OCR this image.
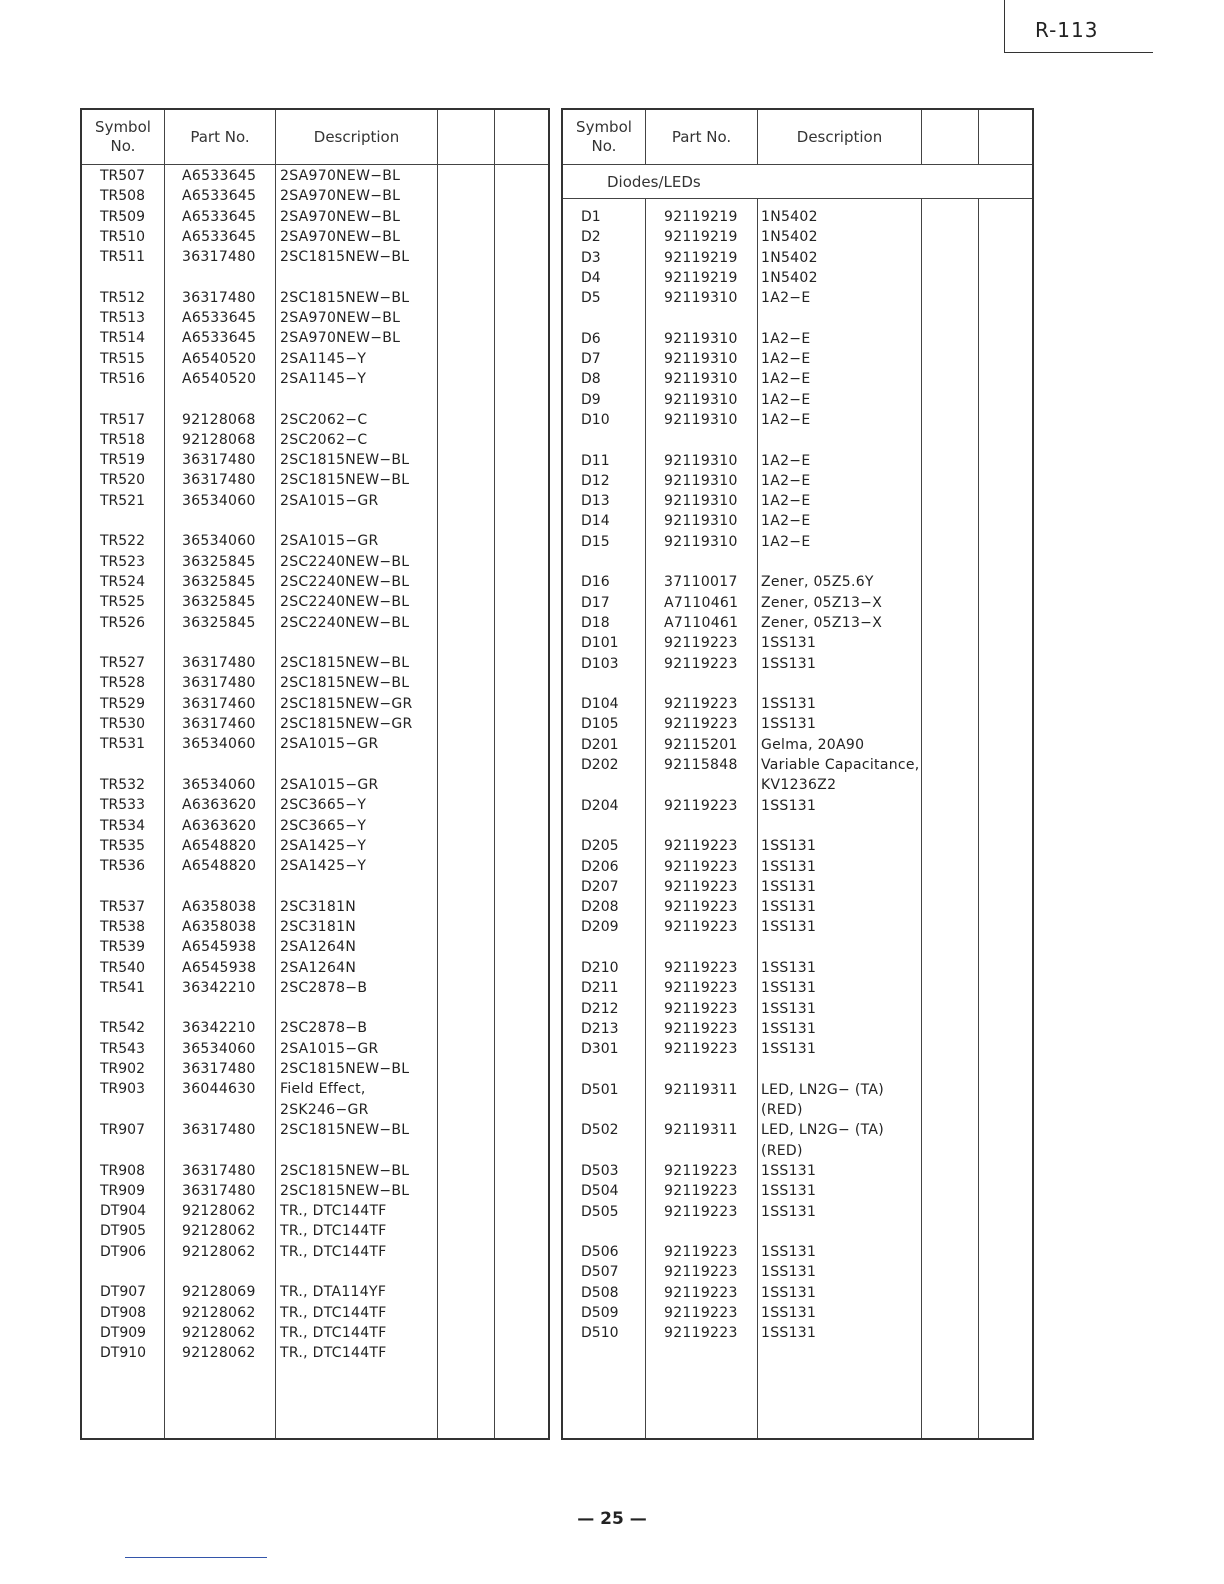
R-113
Symbol No.
Part No.	Description
TR507	A6533645 2SA970NEW−BL
TR508	A6533645 2SA970NEW−BL
TR509	A6533645 2SA970NEW−BL
TR510	A6533645 2SA970NEW−BL
TR511	36317480 2SC1815NEW−BL
TR512	36317480 2SC1815NEW−BL
TR513	A6533645 2SA970NEW−BL
TR514	A6533645 2SA970NEW−BL
TR515	A6540520 2SA1145−Y
TR516	A6540520 2SA1145−Y
TR517	92128068 2SC2062−C
TR518	92128068 2SC2062−C
TR519	36317480 2SC1815NEW−BL
TR520	36317480 2SC1815NEW−BL
TR521	36534060 2SA1015−GR
TR522	36534060 2SA1015−GR
TR523	36325845 2SC2240NEW−BL
TR524	36325845 2SC2240NEW−BL
TR525	36325845 2SC2240NEW−BL
TR526	36325845 2SC2240NEW−BL
TR527	36317480 2SC1815NEW−BL
TR528	36317480 2SC1815NEW−BL
TR529	36317460 2SC1815NEW−GR
TR530	36317460 2SC1815NEW−GR
TR531	36534060 2SA1015−GR
TR532	36534060 2SA1015−GR
TR533	A6363620 2SC3665−Y
TR534	A6363620 2SC3665−Y
TR535	A6548820 2SA1425−Y
TR536	A6548820 2SA1425−Y
TR537	A6358038 2SC3181N
TR538	A6358038 2SC3181N
TR539	A6545938 2SA1264N
TR540	A6545938 2SA1264N
TR541	36342210 2SC2878−B
TR542	36342210 2SC2878−B
TR543	36534060 2SA1015−GR
TR902	36317480 2SC1815NEW−BL
TR903	36044630 Field Effect,
2SK246−GR
TR907	36317480 2SC1815NEW−BL
TR908	36317480 2SC1815NEW−BL
TR909	36317480 2SC1815NEW−BL
DT904	92128062 TR., DTC144TF
DT905	92128062 TR., DTC144TF
DT906	92128062 TR., DTC144TF
DT907	92128069 TR., DTA114YF
DT908	92128062 TR., DTC144TF
DT909	92128062 TR., DTC144TF
DT910	92128062 TR., DTC144TF
Symbol No.
Part No.	Description
Diodes∕LEDs
D1	92119219 1N5402
D2	92119219 1N5402
D3	92119219 1N5402
D4	92119219 1N5402
D5	92119310 1A2−E
D6	92119310 1A2−E
D7	92119310 1A2−E
D8	92119310 1A2−E
D9	92119310 1A2−E
D10	92119310 1A2−E
D11	92119310 1A2−E
D12	92119310 1A2−E
D13	92119310 1A2−E
D14	92119310 1A2−E
D15	92119310 1A2−E
D16	37110017 Zener, 05Z5.6Y
D17	A7110461 Zener, 05Z13−X
D18	A7110461 Zener, 05Z13−X
D101	92119223 1SS131
D103	92119223 1SS131
D104	92119223 1SS131
D105	92119223 1SS131
D201	92115201 Gelma, 20A90
D202	92115848 Variable Capacitance,
KV1236Z2
D204	92119223 1SS131
D205	92119223 1SS131
D206	92119223 1SS131
D207	92119223 1SS131
D208	92119223 1SS131
D209	92119223 1SS131
D210	92119223 1SS131
D211	92119223 1SS131
D212	92119223 1SS131
D213	92119223 1SS131
D301	92119223 1SS131
D501	92119311 LED, LN2G− (TA)
(RED)
D502	92119311 LED, LN2G− (TA)
(RED)
D503	92119223 1SS131
D504	92119223 1SS131
D505	92119223 1SS131
D506	92119223 1SS131
D507	92119223 1SS131
D508	92119223 1SS131
D509	92119223 1SS131
D510	92119223 1SS131
— 25 —
